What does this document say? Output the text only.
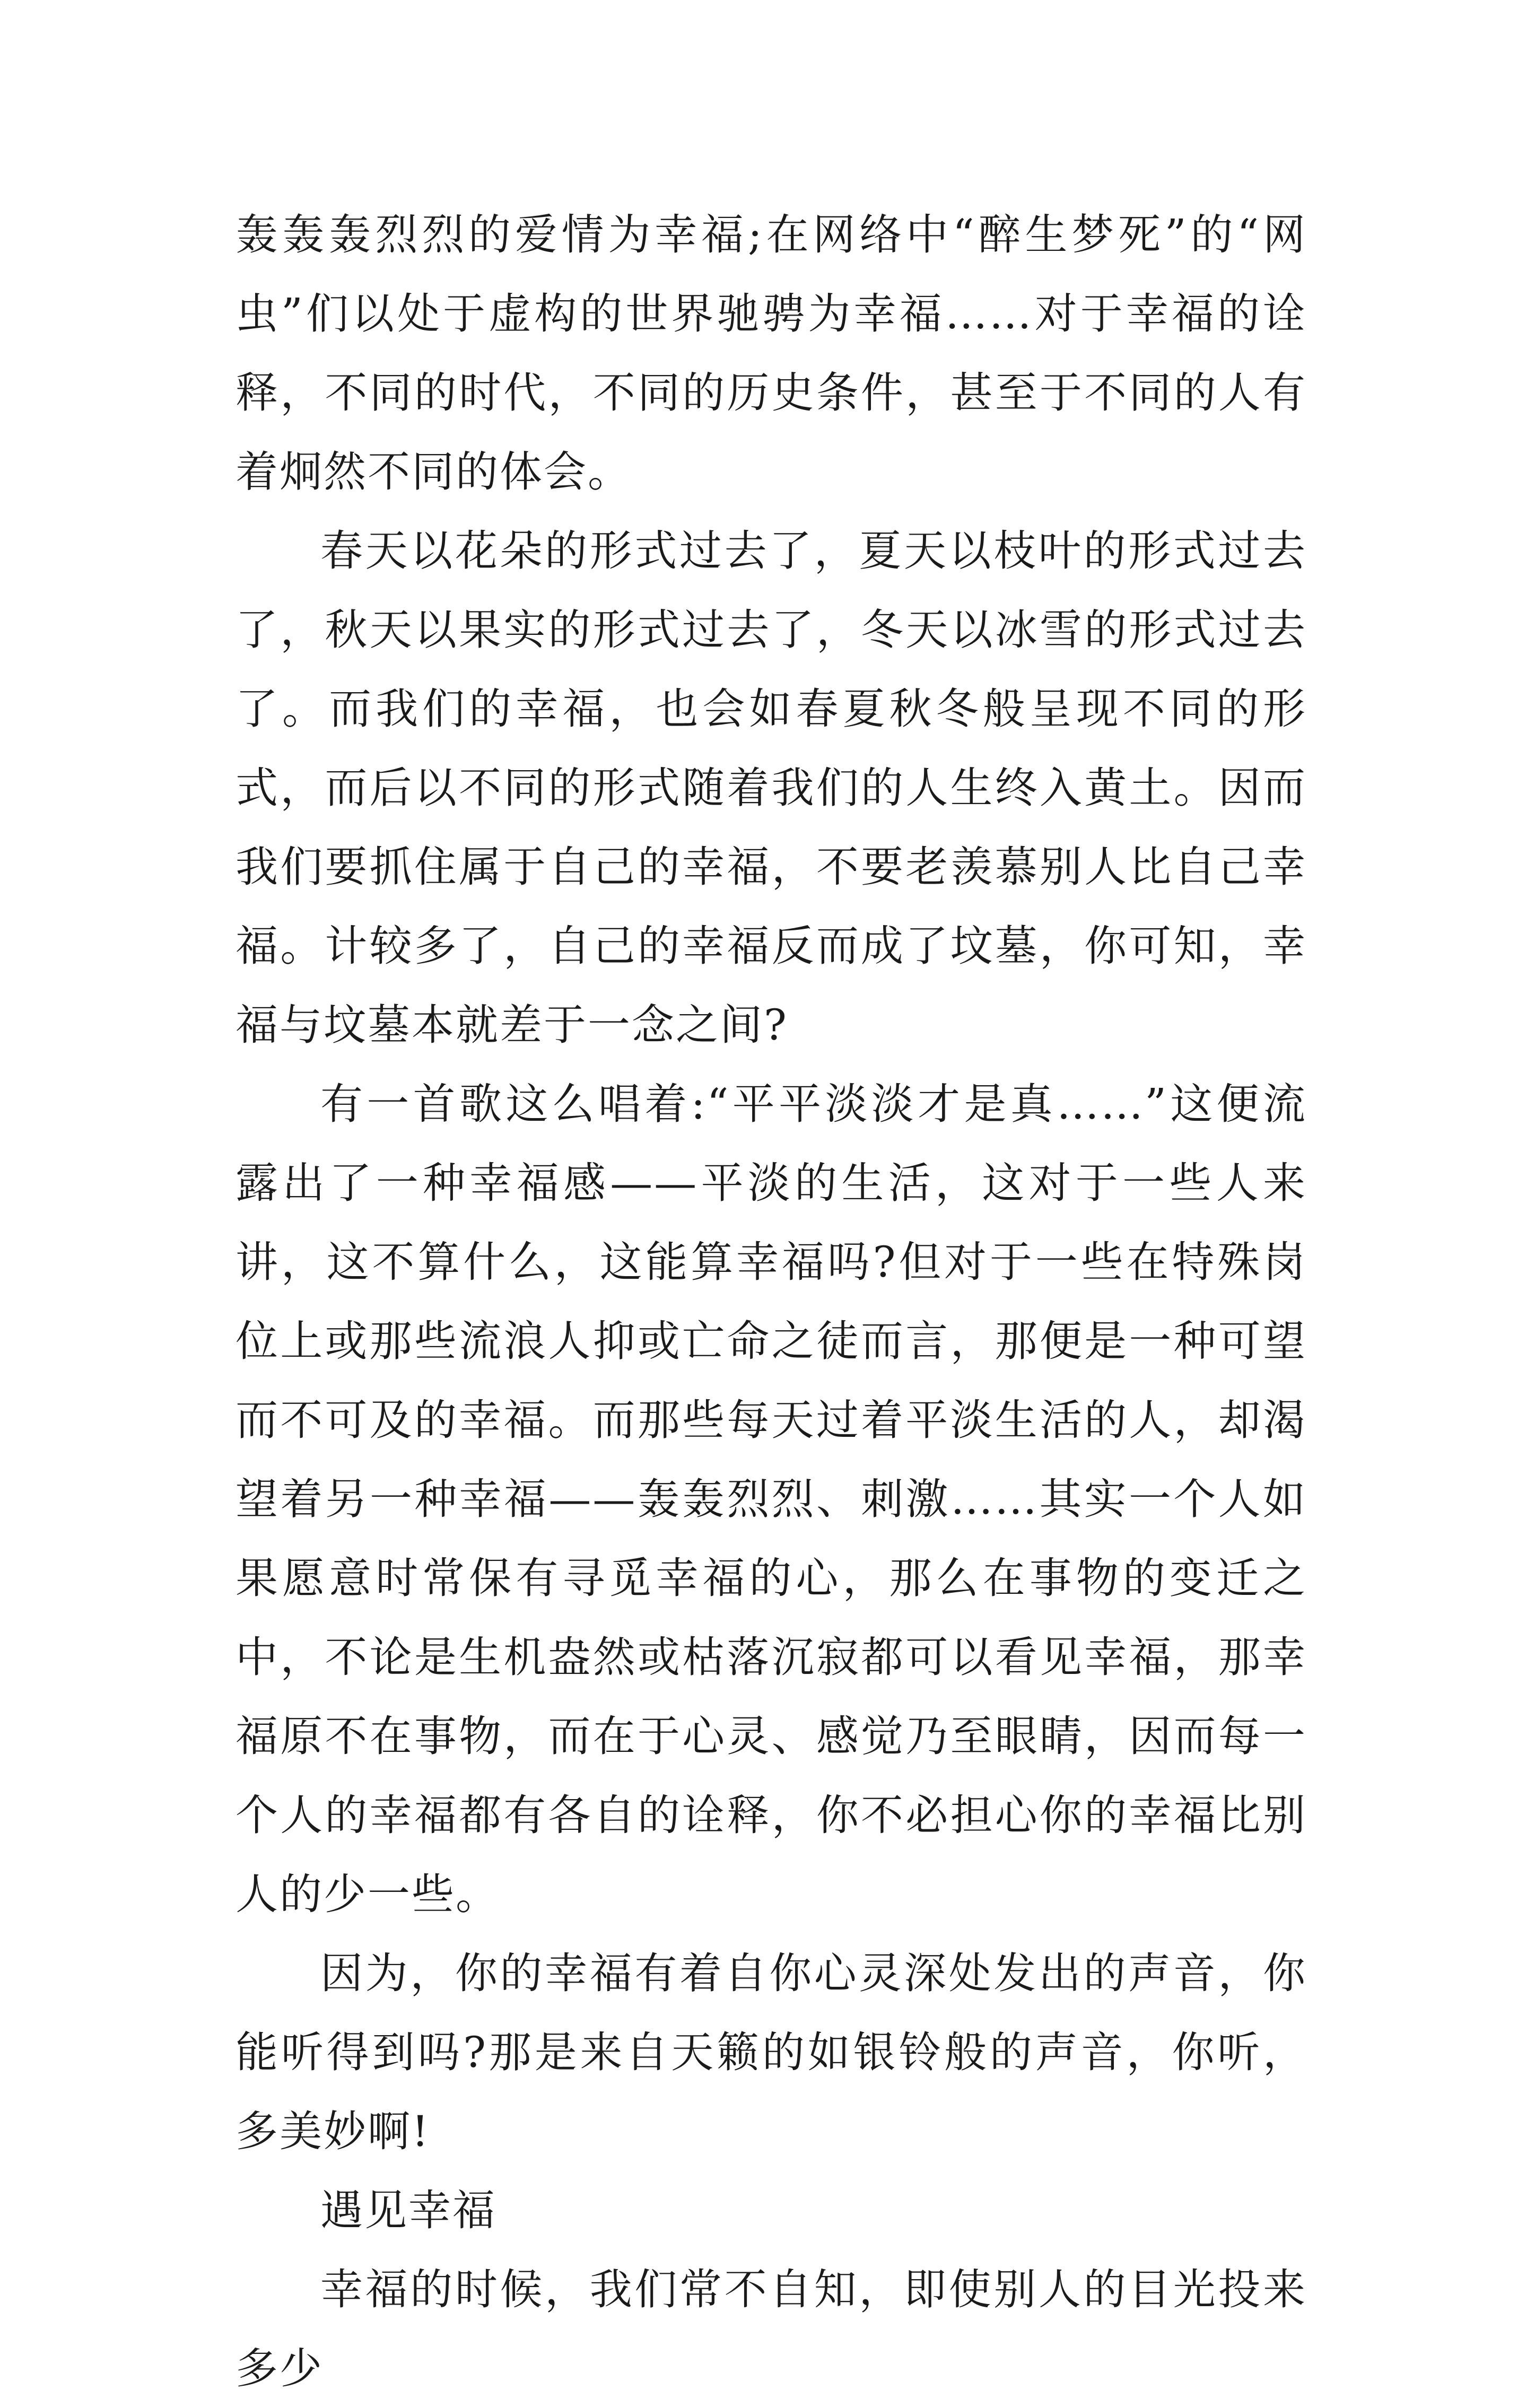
轰轰轰烈烈的爱情为幸福;在网络中“醉生梦死”的“网虫”们以处于虚构的世界驰骋为幸福……对于幸福的诠释，不同的时代，不同的历史条件，甚至于不同的人有着炯然不同的体会。

春天以花朵的形式过去了，夏天以枝叶的形式过去了，秋天以果实的形式过去了，冬天以冰雪的形式过去了。而我们的幸福，也会如春夏秋冬般呈现不同的形式，而后以不同的形式随着我们的人生终入黄土。因而我们要抓住属于自己的幸福，不要老羡慕别人比自己幸福。计较多了，自己的幸福反而成了坟墓，你可知，幸福与坟墓本就差于一念之间?

有一首歌这么唱着:“平平淡淡才是真……”这便流露出了一种幸福感——平淡的生活，这对于一些人来讲，这不算什么，这能算幸福吗?但对于一些在特殊岗位上或那些流浪人抑或亡命之徒而言，那便是一种可望而不可及的幸福。而那些每天过着平淡生活的人，却渴望着另一种幸福——轰轰烈烈、刺激……其实一个人如果愿意时常保有寻觅幸福的心，那么在事物的变迁之中，不论是生机盎然或枯落沉寂都可以看见幸福，那幸福原不在事物，而在于心灵、感觉乃至眼睛，因而每一个人的幸福都有各自的诠释，你不必担心你的幸福比别人的少一些。

因为，你的幸福有着自你心灵深处发出的声音，你能听得到吗?那是来自天籁的如银铃般的声音，你听，多美妙啊!

遇见幸福

幸福的时候，我们常不自知，即使别人的目光投来多少
